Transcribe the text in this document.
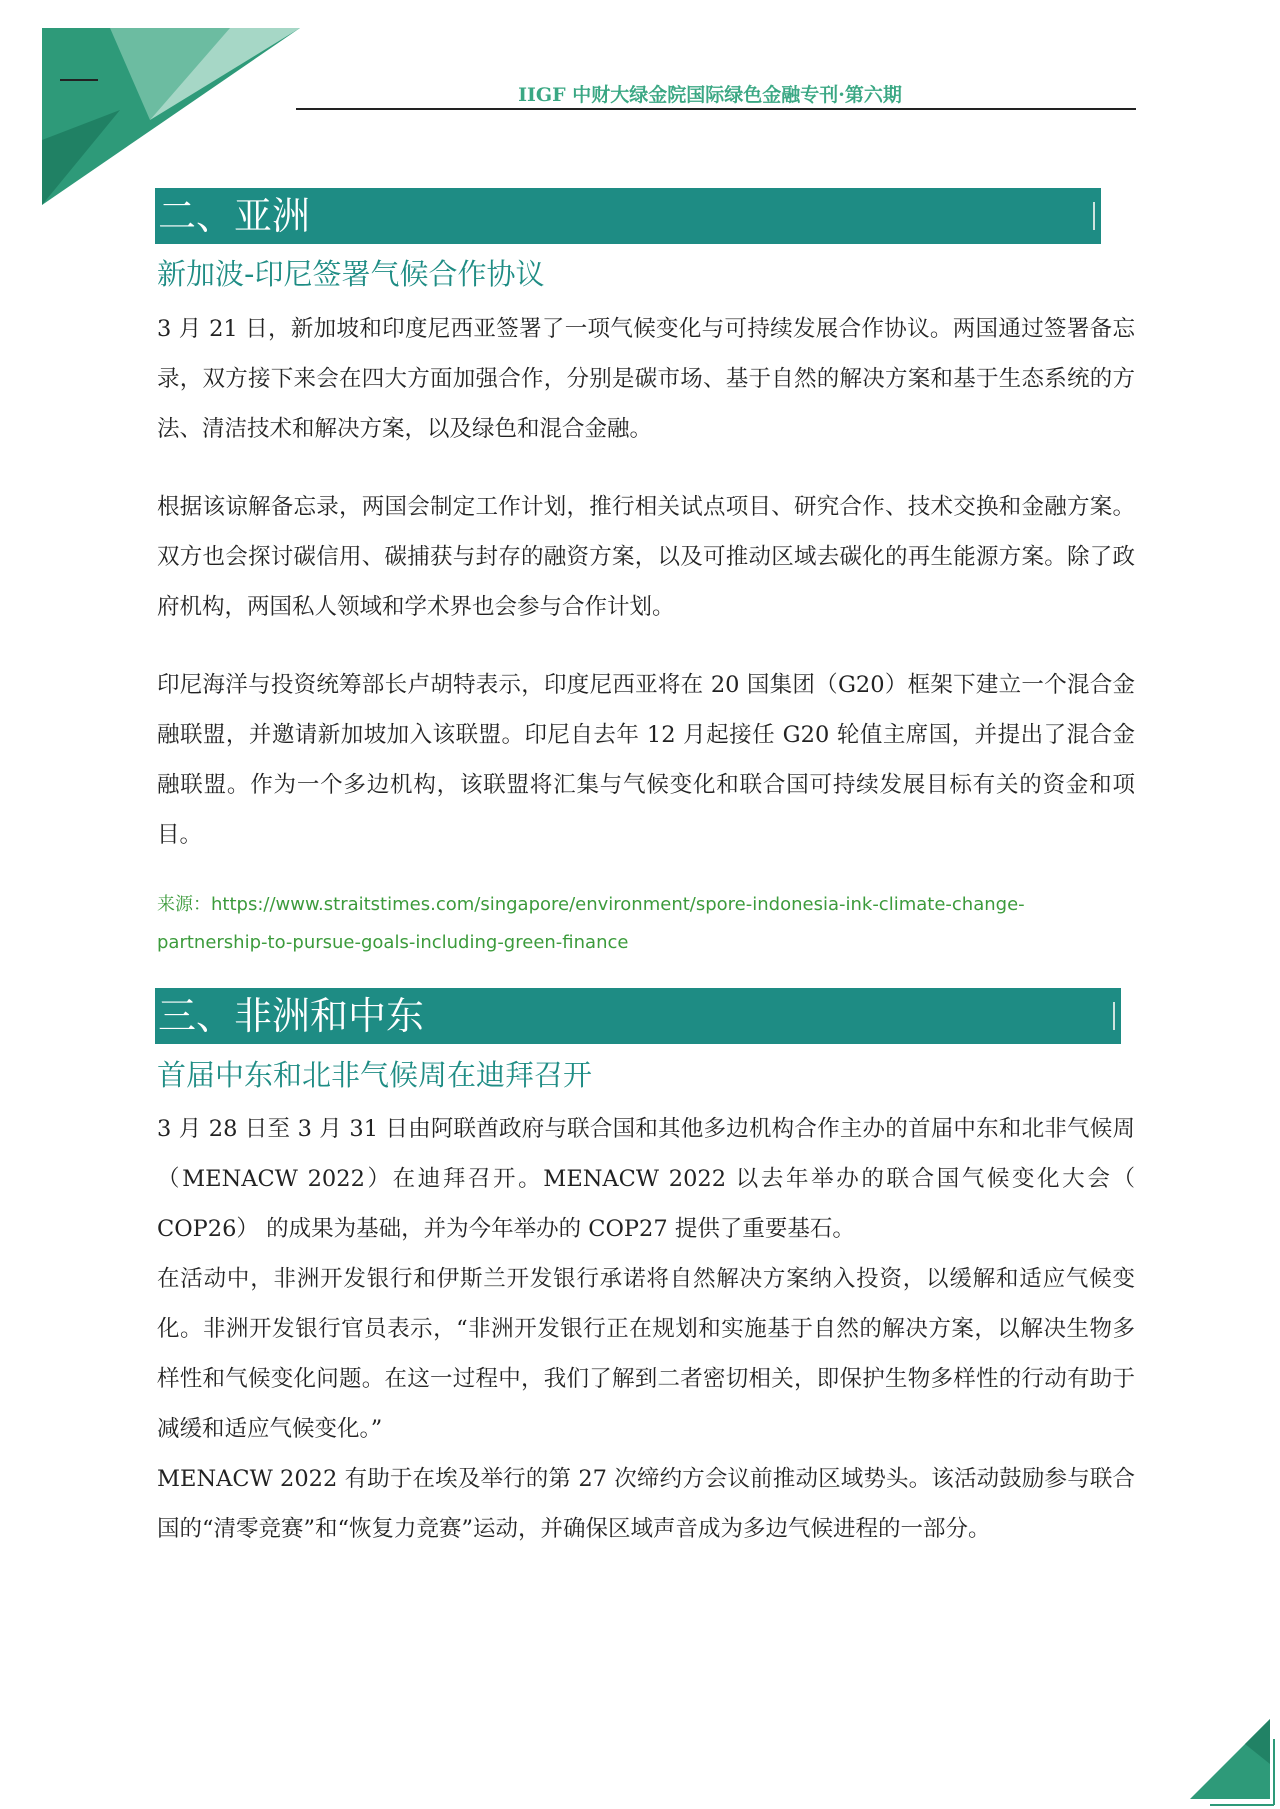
IIGF 中财大绿金院国际绿色金融专刊·第六期
二、亚洲
新加波-印尼签署气候合作协议

3 月 21 日，新加坡和印度尼西亚签署了一项气候变化与可持续发展合作协议。两国通过签署备忘录，双方接下来会在四大方面加强合作，分别是碳市场、基于自然的解决方案和基于生态系统的方法、清洁技术和解决方案，以及绿色和混合金融。

根据该谅解备忘录，两国会制定工作计划，推行相关试点项目、研究合作、技术交换和金融方案。双方也会探讨碳信用、碳捕获与封存的融资方案，以及可推动区域去碳化的再生能源方案。除了政府机构，两国私人领域和学术界也会参与合作计划。

印尼海洋与投资统筹部长卢胡特表示，印度尼西亚将在 20 国集团（G20）框架下建立一个混合金融联盟，并邀请新加坡加入该联盟。印尼自去年 12 月起接任 G20 轮值主席国，并提出了混合金融联盟。作为一个多边机构，该联盟将汇集与气候变化和联合国可持续发展目标有关的资金和项目。

来源：https://www.straitstimes.com/singapore/environment/spore-indonesia-ink-climate-change-partnership-to-pursue-goals-including-green-finance

三、非洲和中东
首届中东和北非气候周在迪拜召开

3 月 28 日至 3 月 31 日由阿联酋政府与联合国和其他多边机构合作主办的首届中东和北非气候周（MENACW 2022）在迪拜召开。MENACW 2022 以去年举办的联合国气候变化大会（ COP26） 的成果为基础，并为今年举办的 COP27 提供了重要基石。

在活动中，非洲开发银行和伊斯兰开发银行承诺将自然解决方案纳入投资，以缓解和适应气候变化。非洲开发银行官员表示，“非洲开发银行正在规划和实施基于自然的解决方案，以解决生物多样性和气候变化问题。在这一过程中，我们了解到二者密切相关，即保护生物多样性的行动有助于减缓和适应气候变化。”

MENACW 2022 有助于在埃及举行的第 27 次缔约方会议前推动区域势头。该活动鼓励参与联合国的“清零竞赛”和“恢复力竞赛”运动，并确保区域声音成为多边气候进程的一部分。
